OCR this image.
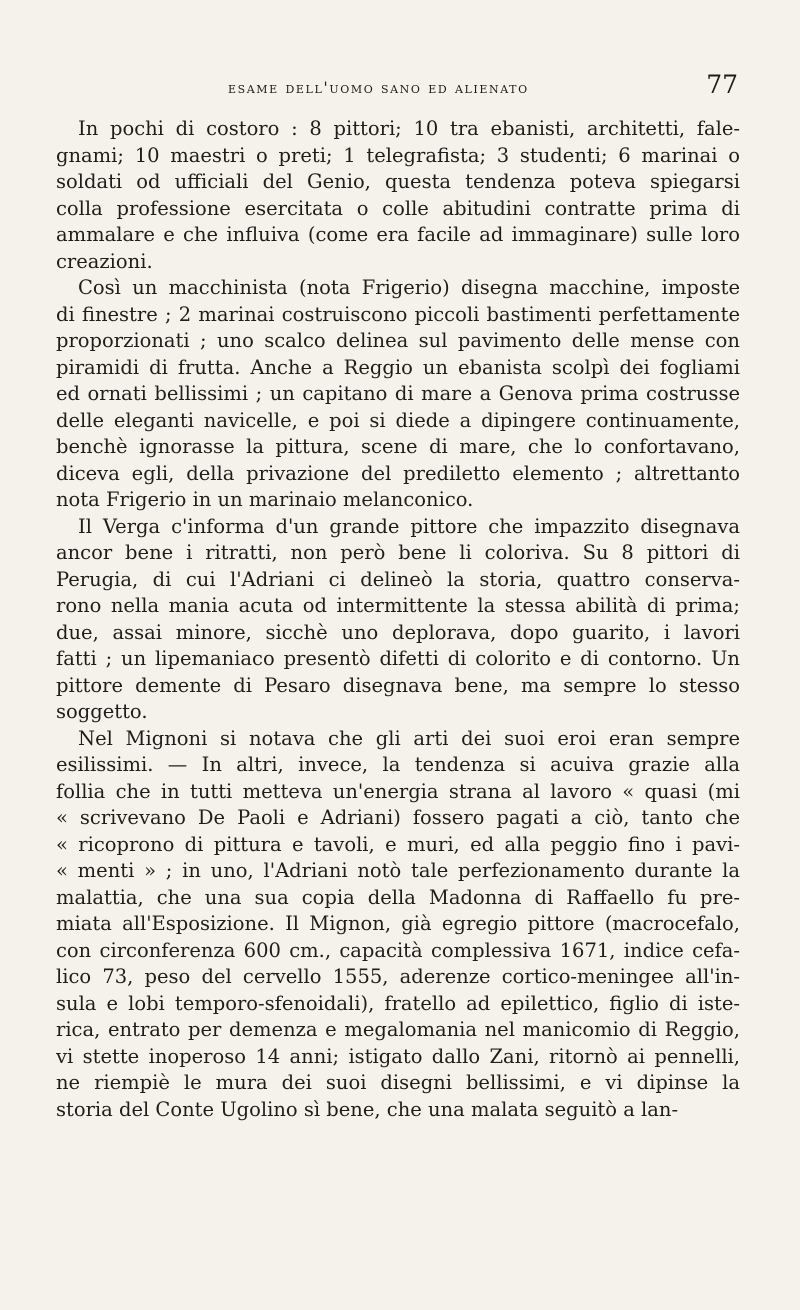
esame dell'uomo sano ed alienato	77
In pochi di costoro : 8 pittori; 10 tra ebanisti, architetti, fale-
gnami; 10 maestri o preti; 1 telegrafista; 3 studenti; 6 marinai o
soldati od ufficiali del Genio, questa tendenza poteva spiegarsi
colla professione esercitata o colle abitudini contratte prima di
ammalare e che influiva (come era facile ad immaginare) sulle loro
creazioni.
Così un macchinista (nota Frigerio) disegna macchine, imposte
di finestre ; 2 marinai costruiscono piccoli bastimenti perfettamente
proporzionati ; uno scalco delinea sul pavimento delle mense con
piramidi di frutta. Anche a Reggio un ebanista scolpì dei fogliami
ed ornati bellissimi ; un capitano di mare a Genova prima costrusse
delle eleganti navicelle, e poi si diede a dipingere continuamente,
benchè ignorasse la pittura, scene di mare, che lo confortavano,
diceva egli, della privazione del prediletto elemento ; altrettanto
nota Frigerio in un marinaio melanconico.
Il Verga c'informa d'un grande pittore che impazzito disegnava
ancor bene i ritratti, non però bene li coloriva. Su 8 pittori di
Perugia, di cui l'Adriani ci delineò la storia, quattro conserva-
rono nella mania acuta od intermittente la stessa abilità di prima;
due, assai minore, sicchè uno deplorava, dopo guarito, i lavori
fatti ; un lipemaniaco presentò difetti di colorito e di contorno. Un
pittore demente di Pesaro disegnava bene, ma sempre lo stesso
soggetto.
Nel Mignoni si notava che gli arti dei suoi eroi eran sempre
esilissimi. — In altri, invece, la tendenza si acuiva grazie alla
follia che in tutti metteva un'energia strana al lavoro « quasi (mi
« scrivevano De Paoli e Adriani) fossero pagati a ciò, tanto che
« ricoprono di pittura e tavoli, e muri, ed alla peggio fino i pavi-
« menti » ; in uno, l'Adriani notò tale perfezionamento durante la
malattia, che una sua copia della Madonna di Raffaello fu pre-
miata all'Esposizione. Il Mignon, già egregio pittore (macrocefalo,
con circonferenza 600 cm., capacità complessiva 1671, indice cefa-
lico 73, peso del cervello 1555, aderenze cortico-meningee all'in-
sula e lobi temporo-sfenoidali), fratello ad epilettico, figlio di iste-
rica, entrato per demenza e megalomania nel manicomio di Reggio,
vi stette inoperoso 14 anni; istigato dallo Zani, ritornò ai pennelli,
ne riempiè le mura dei suoi disegni bellissimi, e vi dipinse la
storia del Conte Ugolino sì bene, che una malata seguitò a lan-
